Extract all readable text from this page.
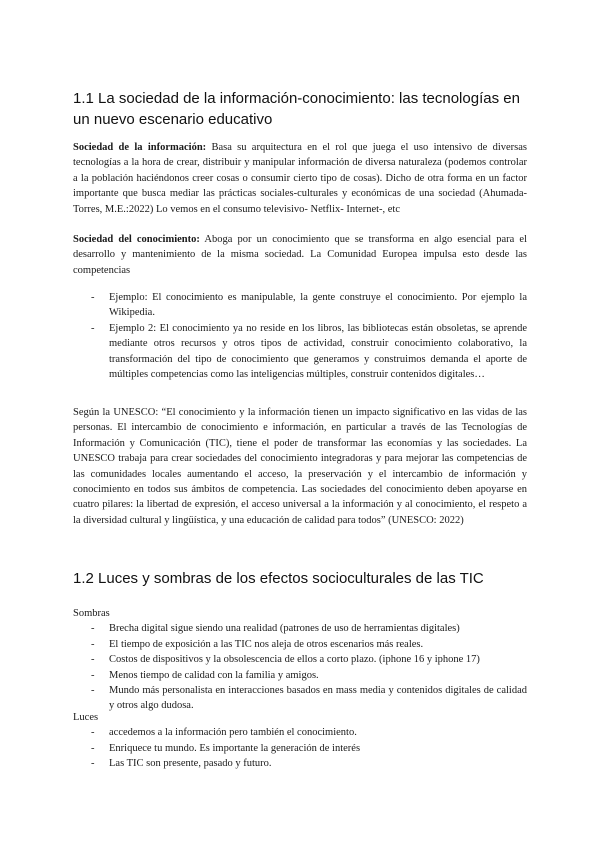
1.1 La sociedad de la información-conocimiento: las tecnologías en un nuevo escenario educativo

Sociedad de la información: Basa su arquitectura en el rol que juega el uso intensivo de diversas tecnologías a la hora de crear, distribuir y manipular información de diversa naturaleza (podemos controlar a la población haciéndonos creer cosas o consumir cierto tipo de cosas). Dicho de otra forma en un factor importante que busca mediar las prácticas sociales-culturales y económicas de una sociedad (Ahumada-Torres, M.E.:2022) Lo vemos en el consumo televisivo- Netflix- Internet-, etc

Sociedad del conocimiento: Aboga por un conocimiento que se transforma en algo esencial para el desarrollo y mantenimiento de la misma sociedad. La Comunidad Europea impulsa esto desde las competencias

- Ejemplo: El conocimiento es manipulable, la gente construye el conocimiento. Por ejemplo la Wikipedia.
- Ejemplo 2: El conocimiento ya no reside en los libros, las bibliotecas están obsoletas, se aprende mediante otros recursos y otros tipos de actividad, construir conocimiento colaborativo, la transformación del tipo de conocimiento que generamos y construimos demanda el aporte de múltiples competencias como las inteligencias múltiples, construir contenidos digitales…

Según la UNESCO: “El conocimiento y la información tienen un impacto significativo en las vidas de las personas. El intercambio de conocimiento e información, en particular a través de las Tecnologías de Información y Comunicación (TIC), tiene el poder de transformar las economías y las sociedades. La UNESCO trabaja para crear sociedades del conocimiento integradoras y para mejorar las competencias de las comunidades locales aumentando el acceso, la preservación y el intercambio de información y conocimiento en todos sus ámbitos de competencia. Las sociedades del conocimiento deben apoyarse en cuatro pilares: la libertad de expresión, el acceso universal a la información y al conocimiento, el respeto a la diversidad cultural y lingüística, y una educación de calidad para todos” (UNESCO: 2022)

1.2 Luces y sombras de los efectos socioculturales de las TIC

Sombras

- Brecha digital sigue siendo una realidad (patrones de uso de herramientas digitales)
- El tiempo de exposición a las TIC nos aleja de otros escenarios más reales.
- Costos de dispositivos y la obsolescencia de ellos a corto plazo. (iphone 16 y iphone 17)
- Menos tiempo de calidad con la familia y amigos.
- Mundo más personalista en interacciones basados en mass media y contenidos digitales de calidad y otros algo dudosa.

Luces

- accedemos a la información pero también el conocimiento.
- Enriquece tu mundo. Es importante la generación de interés
- Las TIC son presente, pasado y futuro.
